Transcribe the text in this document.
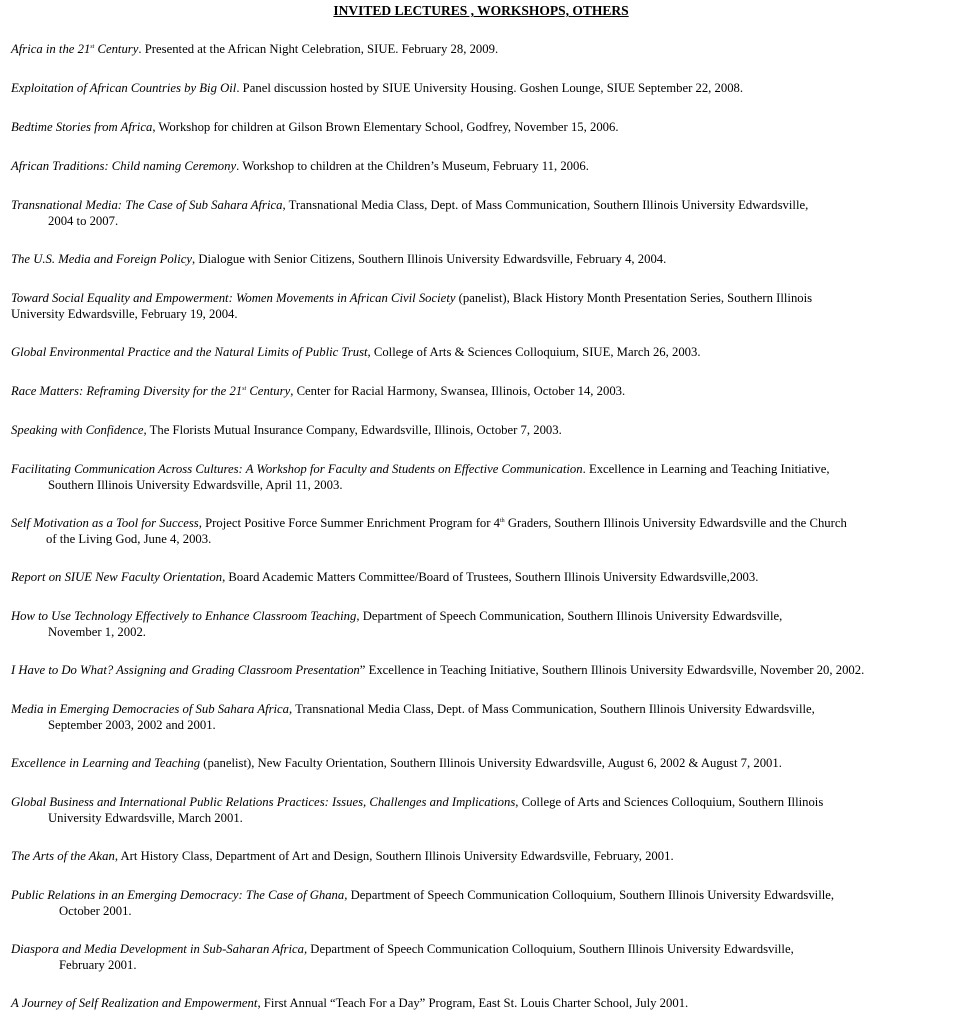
INVITED LECTURES , WORKSHOPS, OTHERS
Africa in the 21st Century. Presented at the African Night Celebration, SIUE. February 28, 2009.
Exploitation of African Countries by Big Oil. Panel discussion hosted by SIUE University Housing. Goshen Lounge, SIUE September 22, 2008.
Bedtime Stories from Africa, Workshop for children at Gilson Brown Elementary School, Godfrey, November 15, 2006.
African Traditions: Child naming Ceremony. Workshop to children at the Children’s Museum, February 11, 2006.
Transnational Media: The Case of Sub Sahara Africa, Transnational Media Class, Dept. of Mass Communication, Southern Illinois University Edwardsville,
2004 to 2007.
The U.S. Media and Foreign Policy, Dialogue with Senior Citizens, Southern Illinois University Edwardsville, February 4, 2004.
Toward Social Equality and Empowerment: Women Movements in African Civil Society (panelist), Black History Month Presentation Series, Southern Illinois
University Edwardsville, February 19, 2004.
Global Environmental Practice and the Natural Limits of Public Trust, College of Arts & Sciences Colloquium, SIUE, March 26, 2003.
Race Matters: Reframing Diversity for the 21st Century, Center for Racial Harmony, Swansea, Illinois, October 14, 2003.
Speaking with Confidence, The Florists Mutual Insurance Company, Edwardsville, Illinois, October 7, 2003.
Facilitating Communication Across Cultures: A Workshop for Faculty and Students on Effective Communication. Excellence in Learning and Teaching Initiative,
Southern Illinois University Edwardsville, April 11, 2003.
Self Motivation as a Tool for Success, Project Positive Force Summer Enrichment Program for 4th Graders, Southern Illinois University Edwardsville and the Church
of the Living God, June 4, 2003.
Report on SIUE New Faculty Orientation, Board Academic Matters Committee/Board of Trustees, Southern Illinois University Edwardsville,2003.
How to Use Technology Effectively to Enhance Classroom Teaching, Department of Speech Communication, Southern Illinois University Edwardsville,
November 1, 2002.
I Have to Do What? Assigning and Grading Classroom Presentation” Excellence in Teaching Initiative, Southern Illinois University Edwardsville, November 20, 2002.
Media in Emerging Democracies of Sub Sahara Africa, Transnational Media Class, Dept. of Mass Communication, Southern Illinois University Edwardsville,
September 2003, 2002 and 2001.
Excellence in Learning and Teaching (panelist), New Faculty Orientation, Southern Illinois University Edwardsville, August 6, 2002 & August 7, 2001.
Global Business and International Public Relations Practices: Issues, Challenges and Implications, College of Arts and Sciences Colloquium, Southern Illinois
University Edwardsville, March 2001.
The Arts of the Akan, Art History Class, Department of Art and Design, Southern Illinois University Edwardsville, February, 2001.
Public Relations in an Emerging Democracy: The Case of Ghana, Department of Speech Communication Colloquium, Southern Illinois University Edwardsville,
October 2001.
Diaspora and Media Development in Sub-Saharan Africa, Department of Speech Communication Colloquium, Southern Illinois University Edwardsville,
February 2001.
A Journey of Self Realization and Empowerment, First Annual “Teach For a Day” Program, East St. Louis Charter School, July 2001.
